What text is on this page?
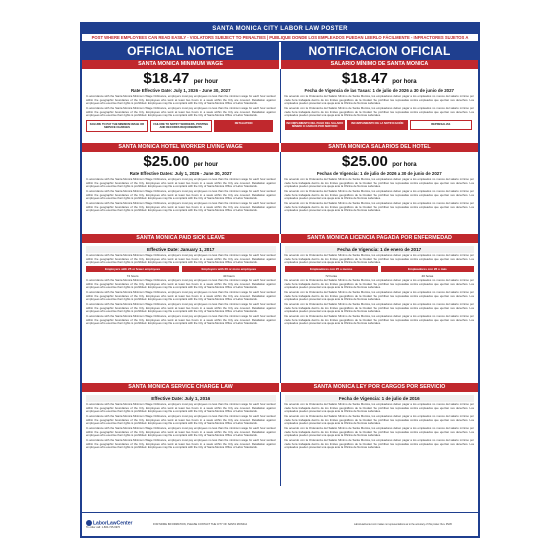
SANTA MONICA CITY LABOR LAW POSTER
POST WHERE EMPLOYEES CAN READ EASILY - VIOLATORS SUBJECT TO PENALTIES | PUBLIQUE DONDE LOS EMPLEADOS PUEDAN LEERLO FÁCILMENTE - INFRACTORES SUJETOS A
OFFICIAL NOTICE	NOTIFICACION OFICIAL
SANTA MONICA MINIMUM WAGE	SALARIO MÍNIMO DE SANTA MONICA
$18.47 per hour
Rate Effective Date: July 1, 2026 - June 30, 2027
In accordance with the Santa Monica Minimum Wage Ordinance, employers must pay employees no less than the minimum wage for each hour worked within the geographic boundaries of the City. Employees who work at least two hours in a week within the City are covered. Retaliation against employees who exercise their rights is prohibited. Employees may file a complaint with the City of Santa Monica Office of Labor Standards.
In accordance with the Santa Monica Minimum Wage Ordinance, employers must pay employees no less than the minimum wage for each hour worked within the geographic boundaries of the City. Employees who work at least two hours in a week within the City are covered. Retaliation against employees who exercise their rights is prohibited. Employees may file a complaint with the City of Santa Monica Office of Labor Standards.
FAILURE TO PAY THE MINIMUM WAGE OR SERVICE CHARGES
FAILURE TO NOTIFY WORKERS, POSTING AND RECORDS REQUIREMENTS
RETALIATION
$18.47 por hora
Fecha de Vigencia de las Tasas: 1 de julio de 2026 a 30 de junio de 2027
De acuerdo con la Ordenanza del Salario Mínimo de Santa Monica, los empleadores deben pagar a los empleados no menos del salario mínimo por cada hora trabajada dentro de los límites geográficos de la Ciudad. Se prohíben las represalias contra empleados que ejerzan sus derechos. Los empleados pueden presentar una queja ante la Oficina de Normas Laborales.
De acuerdo con la Ordenanza del Salario Mínimo de Santa Monica, los empleadores deben pagar a los empleados no menos del salario mínimo por cada hora trabajada dentro de los límites geográficos de la Ciudad. Se prohíben las represalias contra empleados que ejerzan sus derechos. Los empleados pueden presentar una queja ante la Oficina de Normas Laborales.
INCUMPLIMIENTO DEL PAGO DEL SALARIO MÍNIMO O CARGOS POR SERVICIO
INCUMPLIMIENTO DE LA NOTIFICACIÓN	REPRESALIAS
SANTA MONICA HOTEL WORKER LIVING WAGE	SANTA MONICA SALARIOS DEL HOTEL
$25.00 per hour
Rate Effective Dates: July 1, 2026 - June 30, 2027
In accordance with the Santa Monica Minimum Wage Ordinance, employers must pay employees no less than the minimum wage for each hour worked within the geographic boundaries of the City. Employees who work at least two hours in a week within the City are covered. Retaliation against employees who exercise their rights is prohibited. Employees may file a complaint with the City of Santa Monica Office of Labor Standards.
In accordance with the Santa Monica Minimum Wage Ordinance, employers must pay employees no less than the minimum wage for each hour worked within the geographic boundaries of the City. Employees who work at least two hours in a week within the City are covered. Retaliation against employees who exercise their rights is prohibited. Employees may file a complaint with the City of Santa Monica Office of Labor Standards.
In accordance with the Santa Monica Minimum Wage Ordinance, employers must pay employees no less than the minimum wage for each hour worked within the geographic boundaries of the City. Employees who work at least two hours in a week within the City are covered. Retaliation against employees who exercise their rights is prohibited. Employees may file a complaint with the City of Santa Monica Office of Labor Standards.
$25.00 por hora
Fechas de Vigencia: 1 de julio de 2026 a 30 de junio de 2027
De acuerdo con la Ordenanza del Salario Mínimo de Santa Monica, los empleadores deben pagar a los empleados no menos del salario mínimo por cada hora trabajada dentro de los límites geográficos de la Ciudad. Se prohíben las represalias contra empleados que ejerzan sus derechos. Los empleados pueden presentar una queja ante la Oficina de Normas Laborales.
De acuerdo con la Ordenanza del Salario Mínimo de Santa Monica, los empleadores deben pagar a los empleados no menos del salario mínimo por cada hora trabajada dentro de los límites geográficos de la Ciudad. Se prohíben las represalias contra empleados que ejerzan sus derechos. Los empleados pueden presentar una queja ante la Oficina de Normas Laborales.
De acuerdo con la Ordenanza del Salario Mínimo de Santa Monica, los empleadores deben pagar a los empleados no menos del salario mínimo por cada hora trabajada dentro de los límites geográficos de la Ciudad. Se prohíben las represalias contra empleados que ejerzan sus derechos. Los empleados pueden presentar una queja ante la Oficina de Normas Laborales.
SANTA MONICA PAID SICK LEAVE	SANTA MONICA LICENCIA PAGADA POR ENFERMEDAD
Effective Date: January 1, 2017
In accordance with the Santa Monica Minimum Wage Ordinance, employers must pay employees no less than the minimum wage for each hour worked within the geographic boundaries of the City. Employees who work at least two hours in a week within the City are covered. Retaliation against employees who exercise their rights is prohibited. Employees may file a complaint with the City of Santa Monica Office of Labor Standards.
Employers with 25 or fewer employees	Employers with 26 or more employees
72 hours	40 hours
In accordance with the Santa Monica Minimum Wage Ordinance, employers must pay employees no less than the minimum wage for each hour worked within the geographic boundaries of the City. Employees who work at least two hours in a week within the City are covered. Retaliation against employees who exercise their rights is prohibited. Employees may file a complaint with the City of Santa Monica Office of Labor Standards.
In accordance with the Santa Monica Minimum Wage Ordinance, employers must pay employees no less than the minimum wage for each hour worked within the geographic boundaries of the City. Employees who work at least two hours in a week within the City are covered. Retaliation against employees who exercise their rights is prohibited. Employees may file a complaint with the City of Santa Monica Office of Labor Standards.
In accordance with the Santa Monica Minimum Wage Ordinance, employers must pay employees no less than the minimum wage for each hour worked within the geographic boundaries of the City. Employees who work at least two hours in a week within the City are covered. Retaliation against employees who exercise their rights is prohibited. Employees may file a complaint with the City of Santa Monica Office of Labor Standards.
In accordance with the Santa Monica Minimum Wage Ordinance, employers must pay employees no less than the minimum wage for each hour worked within the geographic boundaries of the City. Employees who work at least two hours in a week within the City are covered. Retaliation against employees who exercise their rights is prohibited. Employees may file a complaint with the City of Santa Monica Office of Labor Standards.
Fecha de Vigencia: 1 de enero de 2017
De acuerdo con la Ordenanza del Salario Mínimo de Santa Monica, los empleadores deben pagar a los empleados no menos del salario mínimo por cada hora trabajada dentro de los límites geográficos de la Ciudad. Se prohíben las represalias contra empleados que ejerzan sus derechos. Los empleados pueden presentar una queja ante la Oficina de Normas Laborales.
Empleadores con 25 o menos	Empleadores con 26 o más
72 horas	40 horas
De acuerdo con la Ordenanza del Salario Mínimo de Santa Monica, los empleadores deben pagar a los empleados no menos del salario mínimo por cada hora trabajada dentro de los límites geográficos de la Ciudad. Se prohíben las represalias contra empleados que ejerzan sus derechos. Los empleados pueden presentar una queja ante la Oficina de Normas Laborales.
De acuerdo con la Ordenanza del Salario Mínimo de Santa Monica, los empleadores deben pagar a los empleados no menos del salario mínimo por cada hora trabajada dentro de los límites geográficos de la Ciudad. Se prohíben las represalias contra empleados que ejerzan sus derechos. Los empleados pueden presentar una queja ante la Oficina de Normas Laborales.
De acuerdo con la Ordenanza del Salario Mínimo de Santa Monica, los empleadores deben pagar a los empleados no menos del salario mínimo por cada hora trabajada dentro de los límites geográficos de la Ciudad. Se prohíben las represalias contra empleados que ejerzan sus derechos. Los empleados pueden presentar una queja ante la Oficina de Normas Laborales.
De acuerdo con la Ordenanza del Salario Mínimo de Santa Monica, los empleadores deben pagar a los empleados no menos del salario mínimo por cada hora trabajada dentro de los límites geográficos de la Ciudad. Se prohíben las represalias contra empleados que ejerzan sus derechos. Los empleados pueden presentar una queja ante la Oficina de Normas Laborales.
SANTA MONICA SERVICE CHARGE LAW	SANTA MONICA LEY POR CARGOS POR SERVICIO
Effective Date: July 1, 2016
In accordance with the Santa Monica Minimum Wage Ordinance, employers must pay employees no less than the minimum wage for each hour worked within the geographic boundaries of the City. Employees who work at least two hours in a week within the City are covered. Retaliation against employees who exercise their rights is prohibited. Employees may file a complaint with the City of Santa Monica Office of Labor Standards.
In accordance with the Santa Monica Minimum Wage Ordinance, employers must pay employees no less than the minimum wage for each hour worked within the geographic boundaries of the City. Employees who work at least two hours in a week within the City are covered. Retaliation against employees who exercise their rights is prohibited. Employees may file a complaint with the City of Santa Monica Office of Labor Standards.
In accordance with the Santa Monica Minimum Wage Ordinance, employers must pay employees no less than the minimum wage for each hour worked within the geographic boundaries of the City. Employees who work at least two hours in a week within the City are covered. Retaliation against employees who exercise their rights is prohibited. Employees may file a complaint with the City of Santa Monica Office of Labor Standards.
In accordance with the Santa Monica Minimum Wage Ordinance, employers must pay employees no less than the minimum wage for each hour worked within the geographic boundaries of the City. Employees who work at least two hours in a week within the City are covered. Retaliation against employees who exercise their rights is prohibited. Employees may file a complaint with the City of Santa Monica Office of Labor Standards.
Fecha de Vigencia: 1 de julio de 2016
De acuerdo con la Ordenanza del Salario Mínimo de Santa Monica, los empleadores deben pagar a los empleados no menos del salario mínimo por cada hora trabajada dentro de los límites geográficos de la Ciudad. Se prohíben las represalias contra empleados que ejerzan sus derechos. Los empleados pueden presentar una queja ante la Oficina de Normas Laborales.
De acuerdo con la Ordenanza del Salario Mínimo de Santa Monica, los empleadores deben pagar a los empleados no menos del salario mínimo por cada hora trabajada dentro de los límites geográficos de la Ciudad. Se prohíben las represalias contra empleados que ejerzan sus derechos. Los empleados pueden presentar una queja ante la Oficina de Normas Laborales.
De acuerdo con la Ordenanza del Salario Mínimo de Santa Monica, los empleadores deben pagar a los empleados no menos del salario mínimo por cada hora trabajada dentro de los límites geográficos de la Ciudad. Se prohíben las represalias contra empleados que ejerzan sus derechos. Los empleados pueden presentar una queja ante la Oficina de Normas Laborales.
De acuerdo con la Ordenanza del Salario Mínimo de Santa Monica, los empleadores deben pagar a los empleados no menos del salario mínimo por cada hora trabajada dentro de los límites geográficos de la Ciudad. Se prohíben las represalias contra empleados que ejerzan sus derechos. Los empleados pueden presentar una queja ante la Oficina de Normas Laborales.
LaborLawCenter
To order call: 1-800-745-9970
FOR MORE INFORMATION, PLEASE CONTACT THE CITY OF SANTA MONICA	LaborLawCenter.com makes no representations as to the accuracy of this poster. Rev. 05/26
